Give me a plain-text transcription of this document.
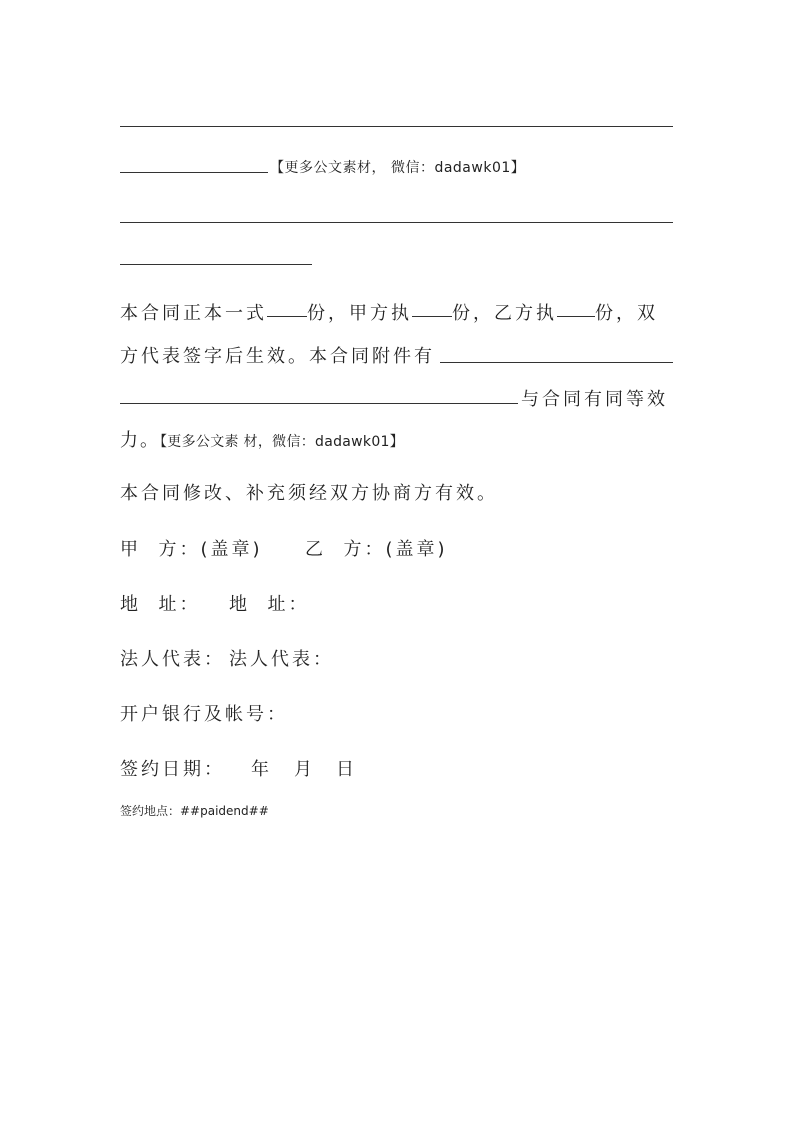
【更多公文素材， 微信：dadawk01】
本合同正本一式 份，甲方执 份，乙方执 份，双
方代表签字后生效。本合同附件有
与合同有同等效
力。【更多公文素 材，微信：dadawk01】
本合同修改、补充须经双方协商方有效。
甲  方：(盖章) 乙  方：(盖章)
地  址： 地  址：
法人代表： 法人代表：
开户银行及帐号：
签约日期： 年 月 日
签约地点：##paidend##
